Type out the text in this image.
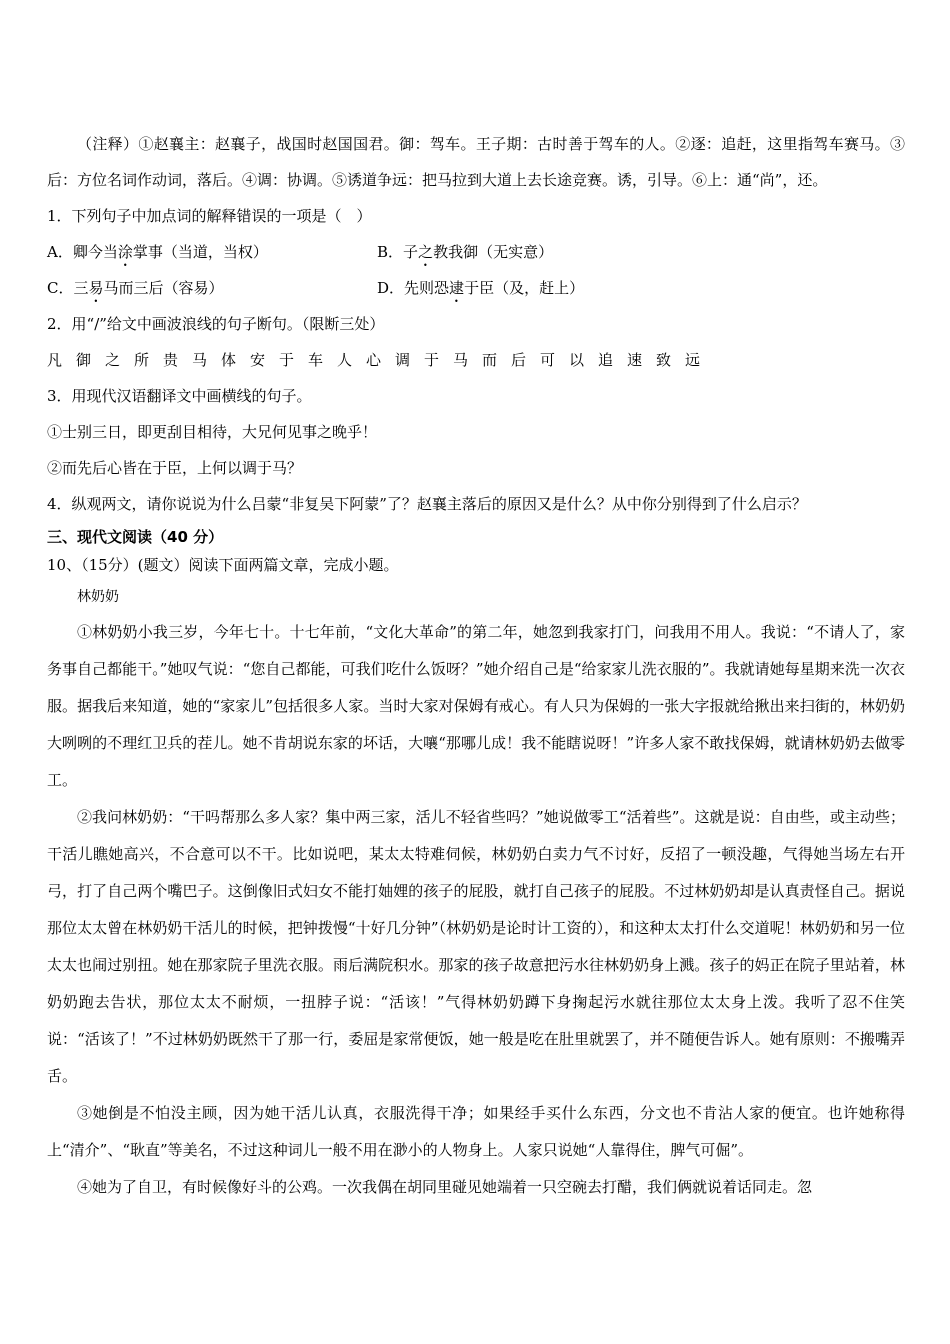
（注释）①赵襄主：赵襄子，战国时赵国国君。御：驾车。王子期：古时善于驾车的人。②逐：追赶，这里指驾车赛马。③后：方位名词作动词，落后。④调：协调。⑤诱道争远：把马拉到大道上去长途竞赛。诱，引导。⑥上：通“尚”，还。

1．下列句子中加点词的解释错误的一项是（　）

A．卿今当涂掌事（当道，当权）	B．子之教我御（无实意）
C．三易马而三后（容易）	D．先则恐逮于臣（及，赶上）

2．用“/”给文中画波浪线的句子断句。（限断三处）

凡御之所贵马体安于车人心调于马而后可以追速致远

3．用现代汉语翻译文中画横线的句子。

①士别三日，即更刮目相待，大兄何见事之晚乎！

②而先后心皆在于臣，上何以调于马？

4．纵观两文，请你说说为什么吕蒙“非复吴下阿蒙”了？赵襄主落后的原因又是什么？从中你分别得到了什么启示？

三、现代文阅读（40 分）

10、（15分）(题文）阅读下面两篇文章，完成小题。

林奶奶

①林奶奶小我三岁，今年七十。十七年前，“文化大革命”的第二年，她忽到我家打门，问我用不用人。我说：“不请人了，家务事自己都能干。”她叹气说：“您自己都能，可我们吃什么饭呀？”她介绍自己是“给家家儿洗衣服的”。我就请她每星期来洗一次衣服。据我后来知道，她的“家家儿”包括很多人家。当时大家对保姆有戒心。有人只为保姆的一张大字报就给揪出来扫街的，林奶奶大咧咧的不理红卫兵的茬儿。她不肯胡说东家的坏话，大嚷“那哪儿成！我不能瞎说呀！”许多人家不敢找保姆，就请林奶奶去做零工。

②我问林奶奶：“干吗帮那么多人家？集中两三家，活儿不轻省些吗？”她说做零工“活着些”。这就是说：自由些，或主动些；干活儿瞧她高兴，不合意可以不干。比如说吧，某太太特难伺候，林奶奶白卖力气不讨好，反招了一顿没趣，气得她当场左右开弓，打了自己两个嘴巴子。这倒像旧式妇女不能打妯娌的孩子的屁股，就打自己孩子的屁股。不过林奶奶却是认真责怪自己。据说那位太太曾在林奶奶干活儿的时候，把钟拨慢“十好几分钟”（林奶奶是论时计工资的），和这种太太打什么交道呢！林奶奶和另一位太太也闹过别扭。她在那家院子里洗衣服。雨后满院积水。那家的孩子故意把污水往林奶奶身上溅。孩子的妈正在院子里站着，林奶奶跑去告状，那位太太不耐烦，一扭脖子说：“活该！”气得林奶奶蹲下身掬起污水就往那位太太身上泼。我听了忍不住笑说：“活该了！”不过林奶奶既然干了那一行，委屈是家常便饭，她一般是吃在肚里就罢了，并不随便告诉人。她有原则：不搬嘴弄舌。

③她倒是不怕没主顾，因为她干活儿认真，衣服洗得干净；如果经手买什么东西，分文也不肯沾人家的便宜。也许她称得上“清介”、“耿直”等美名，不过这种词儿一般不用在渺小的人物身上。人家只说她“人靠得住，脾气可倔”。

④她为了自卫，有时候像好斗的公鸡。一次我偶在胡同里碰见她端着一只空碗去打醋，我们俩就说着话同走。忽
